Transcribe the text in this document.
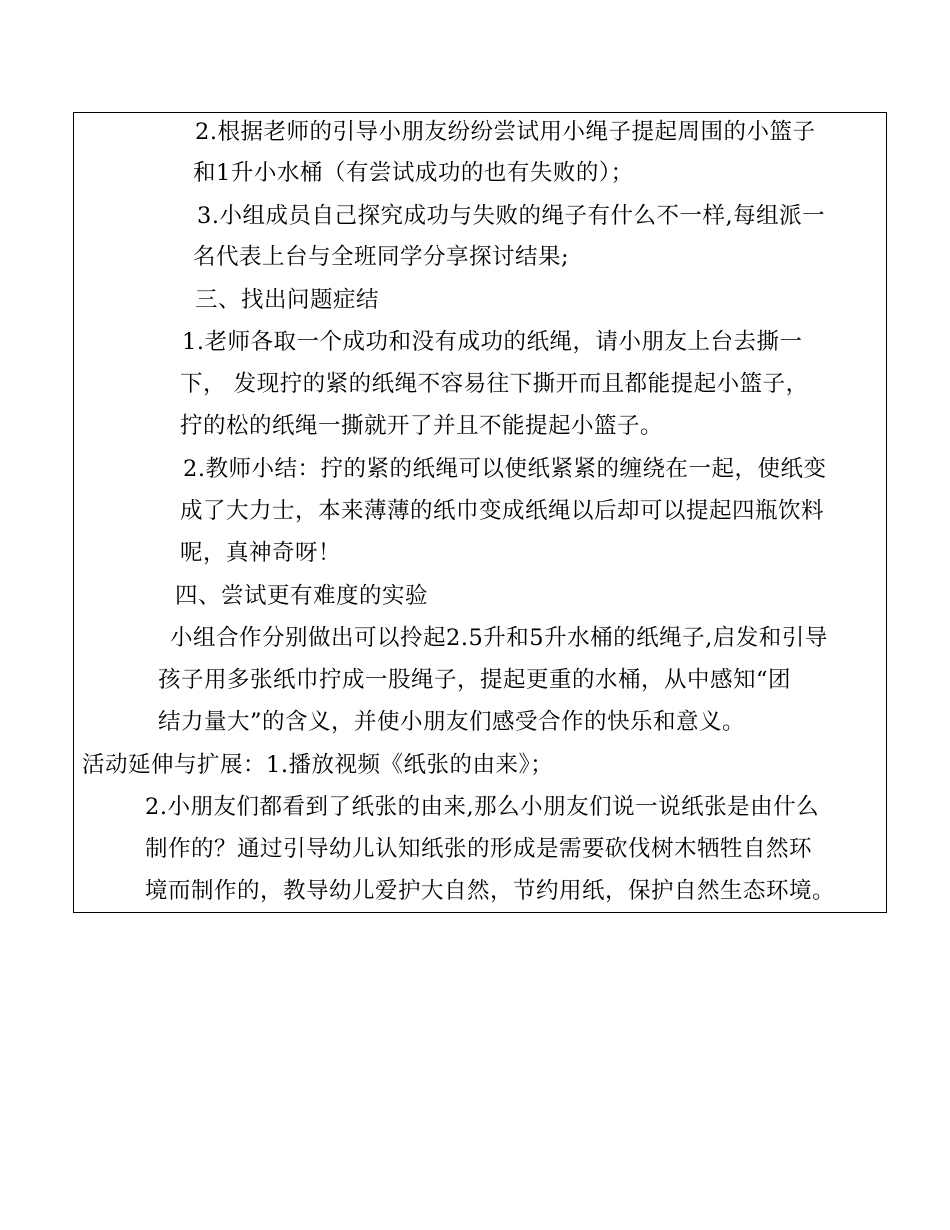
2.根据老师的引导小朋友纷纷尝试用小绳子提起周围的小篮子
和1升小水桶（有尝试成功的也有失败的）；
3.小组成员自己探究成功与失败的绳子有什么不一样,每组派一
名代表上台与全班同学分享探讨结果;
三、找出问题症结
1.老师各取一个成功和没有成功的纸绳，请小朋友上台去撕一
下， 发现拧的紧的纸绳不容易往下撕开而且都能提起小篮子，
拧的松的纸绳一撕就开了并且不能提起小篮子。
2.教师小结：拧的紧的纸绳可以使纸紧紧的缠绕在一起，使纸变
成了大力士，本来薄薄的纸巾变成纸绳以后却可以提起四瓶饮料
呢，真神奇呀！
四、尝试更有难度的实验
小组合作分别做出可以拎起2.5升和5升水桶的纸绳子,启发和引导
孩子用多张纸巾拧成一股绳子，提起更重的水桶，从中感知“团
结力量大”的含义，并使小朋友们感受合作的快乐和意义。
活动延伸与扩展：1.播放视频《纸张的由来》；
2.小朋友们都看到了纸张的由来,那么小朋友们说一说纸张是由什么
制作的？通过引导幼儿认知纸张的形成是需要砍伐树木牺牲自然环
境而制作的，教导幼儿爱护大自然，节约用纸，保护自然生态环境。
